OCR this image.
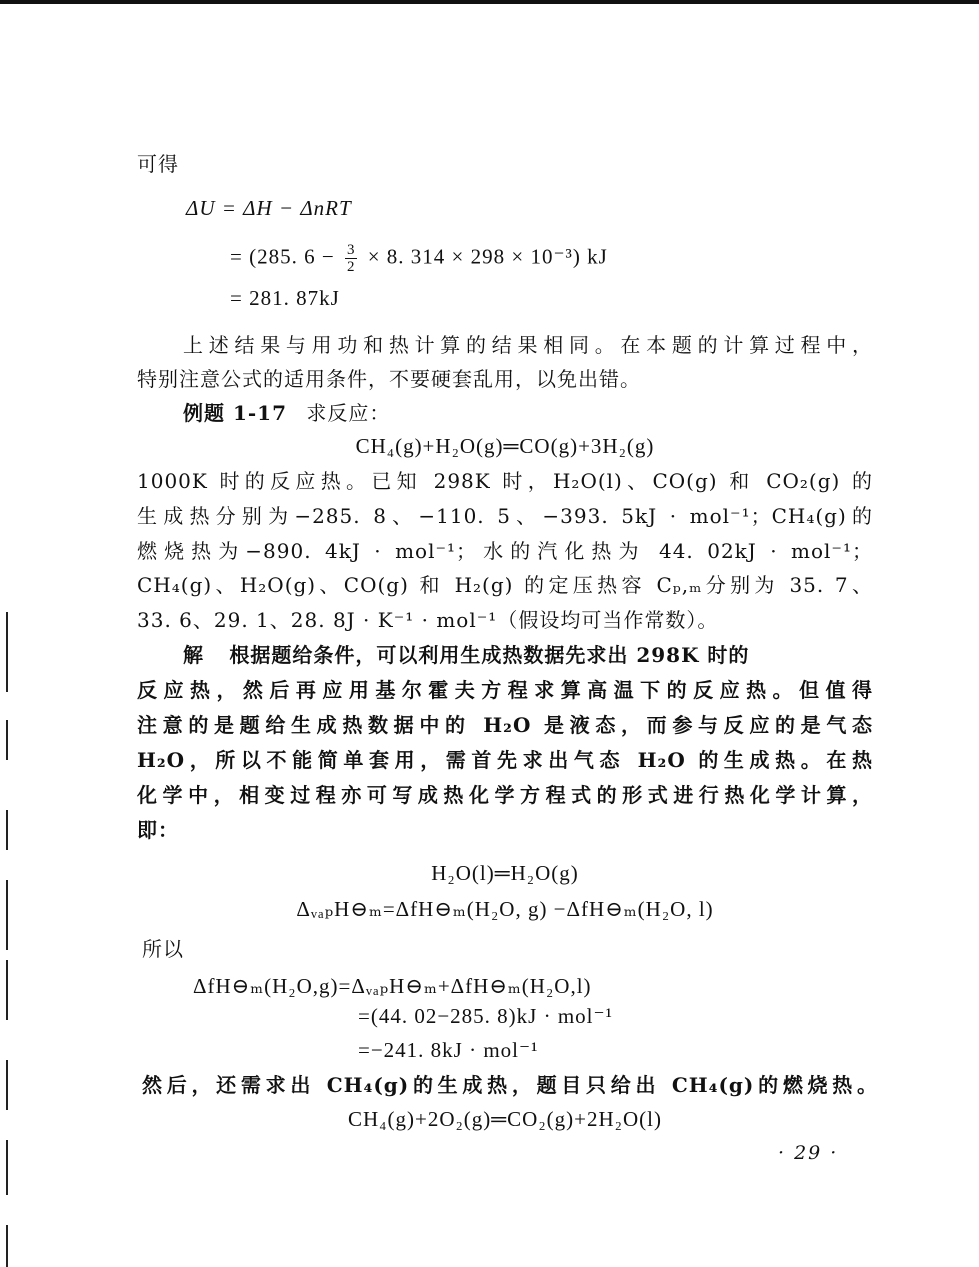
可得
ΔU = ΔH − ΔnRT
= (285. $6 - \frac{3}{2} \times 8$. 314 × 298 × 10⁻³) kJ
= 281. 87kJ
上述结果与用功和热计算的结果相同。在本题的计算过程中，
特别注意公式的适用条件，不要硬套乱用，以免出错。
例题 1-17 求反应：
CH₄(g)+H₂O(g)═CO(g)+3H₂(g)
1000K 时的反应热。已知 298K 时，H₂O(l)、CO(g) 和 CO₂(g) 的
生成热分别为−285. 8、−110. 5、−393. 5kJ · mol⁻¹；CH₄(g)的
燃烧热为−890. 4kJ · mol⁻¹；水的汽化热为 44. 02kJ · mol⁻¹；
CH₄(g)、H₂O(g)、CO(g) 和 H₂(g) 的定压热容 Cₚ,ₘ分别为 35. 7、
33. 6、29. 1、28. 8J · K⁻¹ · mol⁻¹（假设均可当作常数）。
解 根据题给条件，可以利用生成热数据先求出 298K 时的
反应热，然后再应用基尔霍夫方程求算高温下的反应热。但值得
注意的是题给生成热数据中的 H₂O 是液态，而参与反应的是气态
H₂O，所以不能简单套用，需首先求出气态 H₂O 的生成热。在热
化学中，相变过程亦可写成热化学方程式的形式进行热化学计算，
即：
H₂O(l)═H₂O(g)
ΔᵥₐₚH⊖ₘ=ΔfH⊖ₘ(H₂O, g) −ΔfH⊖ₘ(H₂O, l)
所以
ΔfH⊖ₘ(H₂O,g)=ΔᵥₐₚH⊖ₘ+ΔfH⊖ₘ(H₂O,l)
=(44. 02−285. 8)kJ · mol⁻¹
=−241. 8kJ · mol⁻¹
然后，还需求出 CH₄(g)的生成热，题目只给出 CH₄(g)的燃烧热。
CH₄(g)+2O₂(g)═CO₂(g)+2H₂O(l)
· 29 ·
